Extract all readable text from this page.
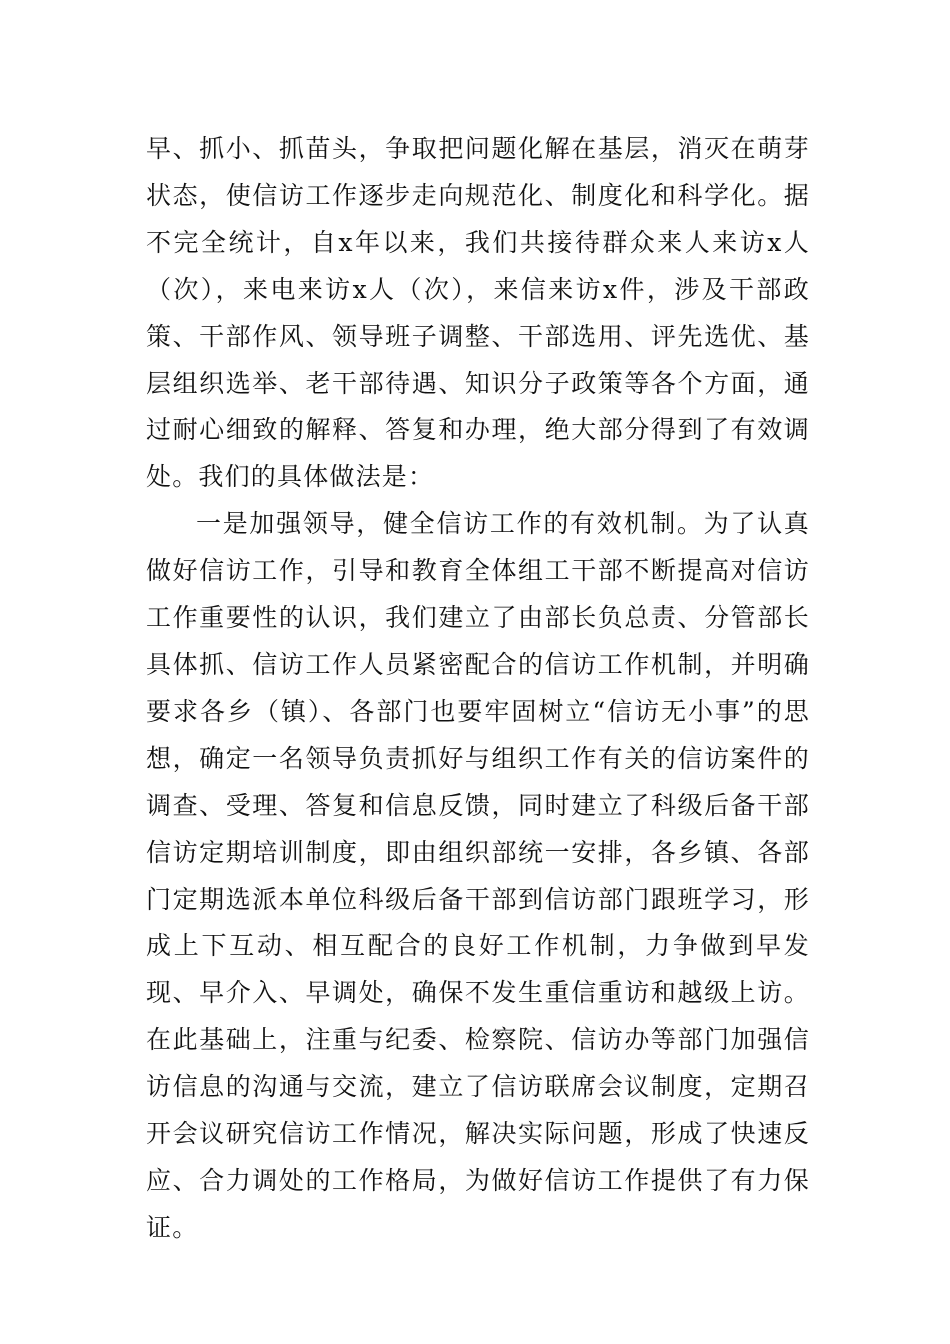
早、抓小、抓苗头，争取把问题化解在基层，消灭在萌芽状态，使信访工作逐步走向规范化、制度化和科学化。据不完全统计，自x年以来，我们共接待群众来人来访x人（次），来电来访x人（次），来信来访x件，涉及干部政策、干部作风、领导班子调整、干部选用、评先选优、基层组织选举、老干部待遇、知识分子政策等各个方面，通过耐心细致的解释、答复和办理，绝大部分得到了有效调处。我们的具体做法是：

一是加强领导，健全信访工作的有效机制。为了认真做好信访工作，引导和教育全体组工干部不断提高对信访工作重要性的认识，我们建立了由部长负总责、分管部长具体抓、信访工作人员紧密配合的信访工作机制，并明确要求各乡（镇）、各部门也要牢固树立“信访无小事”的思想，确定一名领导负责抓好与组织工作有关的信访案件的调查、受理、答复和信息反馈，同时建立了科级后备干部信访定期培训制度，即由组织部统一安排，各乡镇、各部门定期选派本单位科级后备干部到信访部门跟班学习，形成上下互动、相互配合的良好工作机制，力争做到早发现、早介入、早调处，确保不发生重信重访和越级上访。在此基础上，注重与纪委、检察院、信访办等部门加强信访信息的沟通与交流，建立了信访联席会议制度，定期召开会议研究信访工作情况，解决实际问题，形成了快速反应、合力调处的工作格局，为做好信访工作提供了有力保证。
